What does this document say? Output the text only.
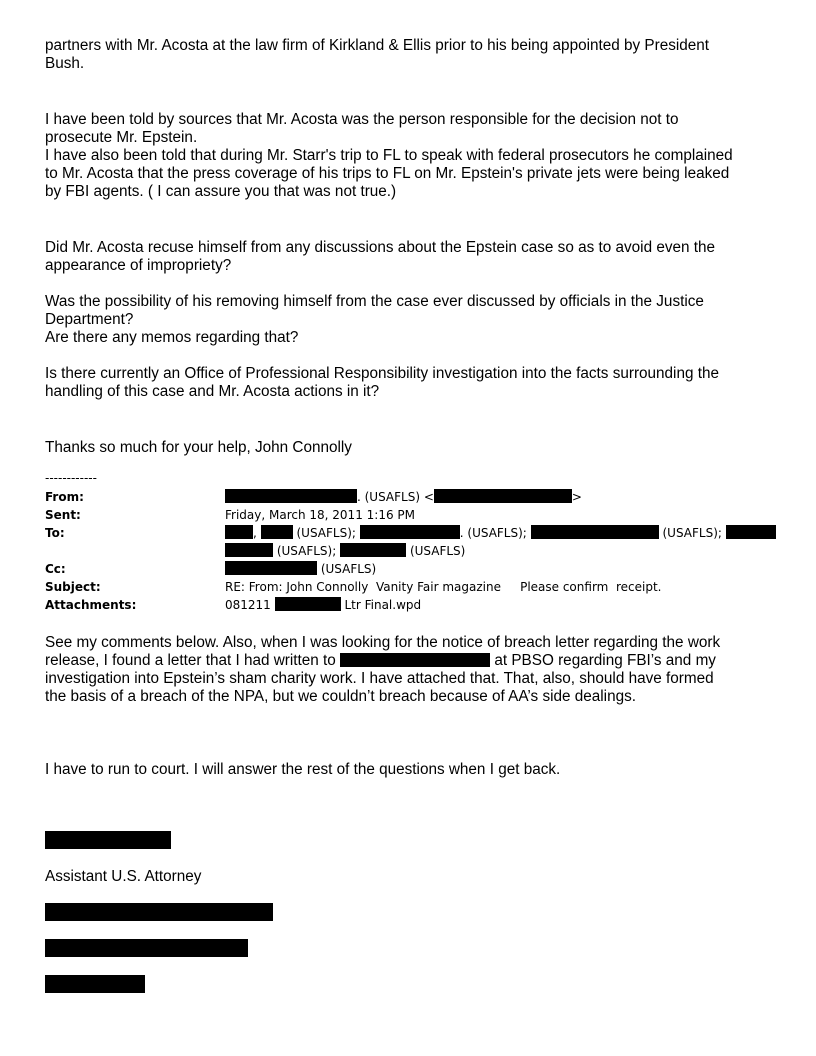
partners with Mr. Acosta at the law firm of Kirkland & Ellis prior to his being appointed by President
Bush.
I have been told by sources that Mr. Acosta was the person responsible for the decision not to
prosecute Mr. Epstein.
I have also been told that during Mr. Starr's trip to FL to speak with federal prosecutors he complained
to Mr. Acosta that the press coverage of his trips to FL on Mr. Epstein's private jets were being leaked
by FBI agents. ( I can assure you that was not true.)
Did Mr. Acosta recuse himself from any discussions about the Epstein case so as to avoid even the
appearance of impropriety?
Was the possibility of his removing himself from the case ever discussed by officials in the Justice
Department?
Are there any memos regarding that?
Is there currently an Office of Professional Responsibility investigation into the facts surrounding the
handling of this case and Mr. Acosta actions in it?
Thanks so much for your help, John Connolly
------------
From:	. (USAFLS) <	>
Sent:	Friday, March 18, 2011 1:16 PM
To:	,	(USAFLS);	. (USAFLS);	(USAFLS);
(USAFLS);	(USAFLS)
Cc:	(USAFLS)
Subject:	RE: From: John Connolly  Vanity Fair magazine     Please confirm  receipt.
Attachments:	081211	Ltr Final.wpd
See my comments below. Also, when I was looking for the notice of breach letter regarding the work
release, I found a letter that I had written to	at PBSO regarding FBI’s and my
investigation into Epstein’s sham charity work. I have attached that. That, also, should have formed
the basis of a breach of the NPA, but we couldn’t breach because of AA’s side dealings.
I have to run to court. I will answer the rest of the questions when I get back.
Assistant U.S. Attorney
